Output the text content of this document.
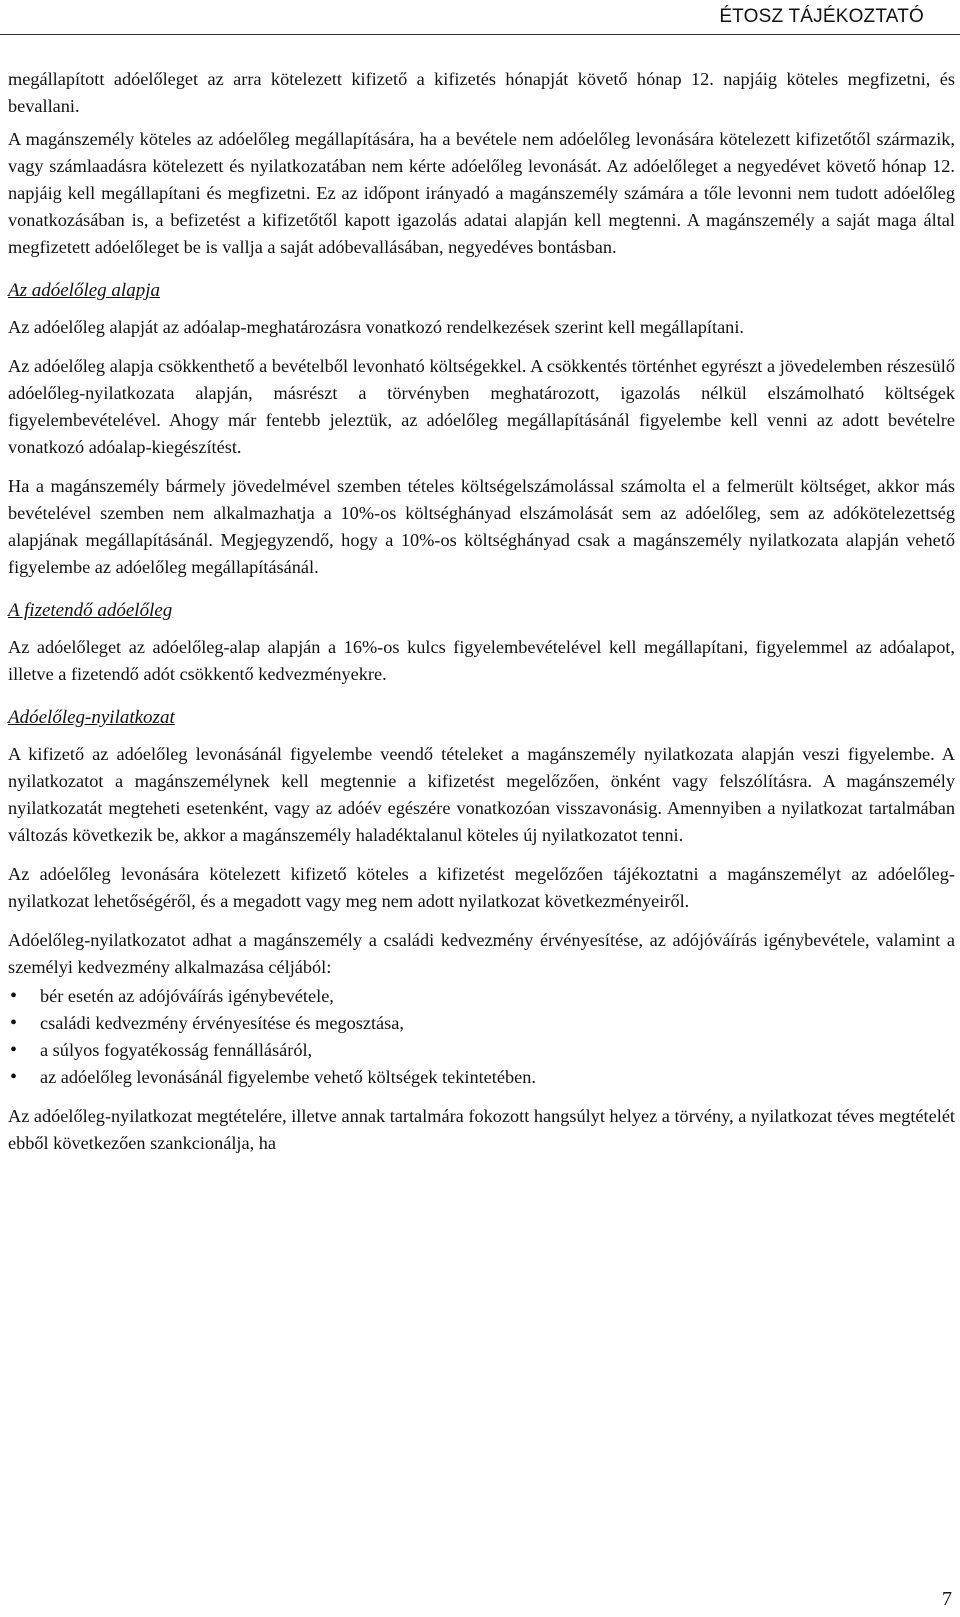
ÉTOSZ TÁJÉKOZTATÓ

megállapított adóelőleget az arra kötelezett kifizető a kifizetés hónapját követő hónap 12. napjáig köteles megfizetni, és bevallani.

A magánszemély köteles az adóelőleg megállapítására, ha a bevétele nem adóelőleg levonására kötelezett kifizetőtől származik, vagy számlaadásra kötelezett és nyilatkozatában nem kérte adóelőleg levonását. Az adóelőleget a negyedévet követő hónap 12. napjáig kell megállapítani és megfizetni. Ez az időpont irányadó a magánszemély számára a tőle levonni nem tudott adóelőleg vonatkozásában is, a befizetést a kifizetőtől kapott igazolás adatai alapján kell megtenni. A magánszemély a saját maga által megfizetett adóelőleget be is vallja a saját adóbevallásában, negyedéves bontásban.

Az adóelőleg alapja

Az adóelőleg alapját az adóalap-meghatározásra vonatkozó rendelkezések szerint kell megállapítani.

Az adóelőleg alapja csökkenthető a bevételből levonható költségekkel. A csökkentés történhet egyrészt a jövedelemben részesülő adóelőleg-nyilatkozata alapján, másrészt a törvényben meghatározott, igazolás nélkül elszámolható költségek figyelembevételével. Ahogy már fentebb jeleztük, az adóelőleg megállapításánál figyelembe kell venni az adott bevételre vonatkozó adóalap-kiegészítést.

Ha a magánszemély bármely jövedelmével szemben tételes költségelszámolással számolta el a felmerült költséget, akkor más bevételével szemben nem alkalmazhatja a 10%-os költséghányad elszámolását sem az adóelőleg, sem az adókötelezettség alapjának megállapításánál. Megjegyzendő, hogy a 10%-os költséghányad csak a magánszemély nyilatkozata alapján vehető figyelembe az adóelőleg megállapításánál.

A fizetendő adóelőleg

Az adóelőleget az adóelőleg-alap alapján a 16%-os kulcs figyelembevételével kell megállapítani, figyelemmel az adóalapot, illetve a fizetendő adót csökkentő kedvezményekre.

Adóelőleg-nyilatkozat

A kifizető az adóelőleg levonásánál figyelembe veendő tételeket a magánszemély nyilatkozata alapján veszi figyelembe. A nyilatkozatot a magánszemélynek kell megtennie a kifizetést megelőzően, önként vagy felszólításra. A magánszemély nyilatkozatát megteheti esetenként, vagy az adóév egészére vonatkozóan visszavonásig. Amennyiben a nyilatkozat tartalmában változás következik be, akkor a magánszemély haladéktalanul köteles új nyilatkozatot tenni.

Az adóelőleg levonására kötelezett kifizető köteles a kifizetést megelőzően tájékoztatni a magánszemélyt az adóelőleg-nyilatkozat lehetőségéről, és a megadott vagy meg nem adott nyilatkozat következményeiről.

Adóelőleg-nyilatkozatot adhat a magánszemély a családi kedvezmény érvényesítése, az adójóváírás igénybevétele, valamint a személyi kedvezmény alkalmazása céljából:

• bér esetén az adójóváírás igénybevétele,
• családi kedvezmény érvényesítése és megosztása,
• a súlyos fogyatékosság fennállásáról,
• az adóelőleg levonásánál figyelembe vehető költségek tekintetében.

Az adóelőleg-nyilatkozat megtételére, illetve annak tartalmára fokozott hangsúlyt helyez a törvény, a nyilatkozat téves megtételét ebből következően szankcionálja, ha

7
